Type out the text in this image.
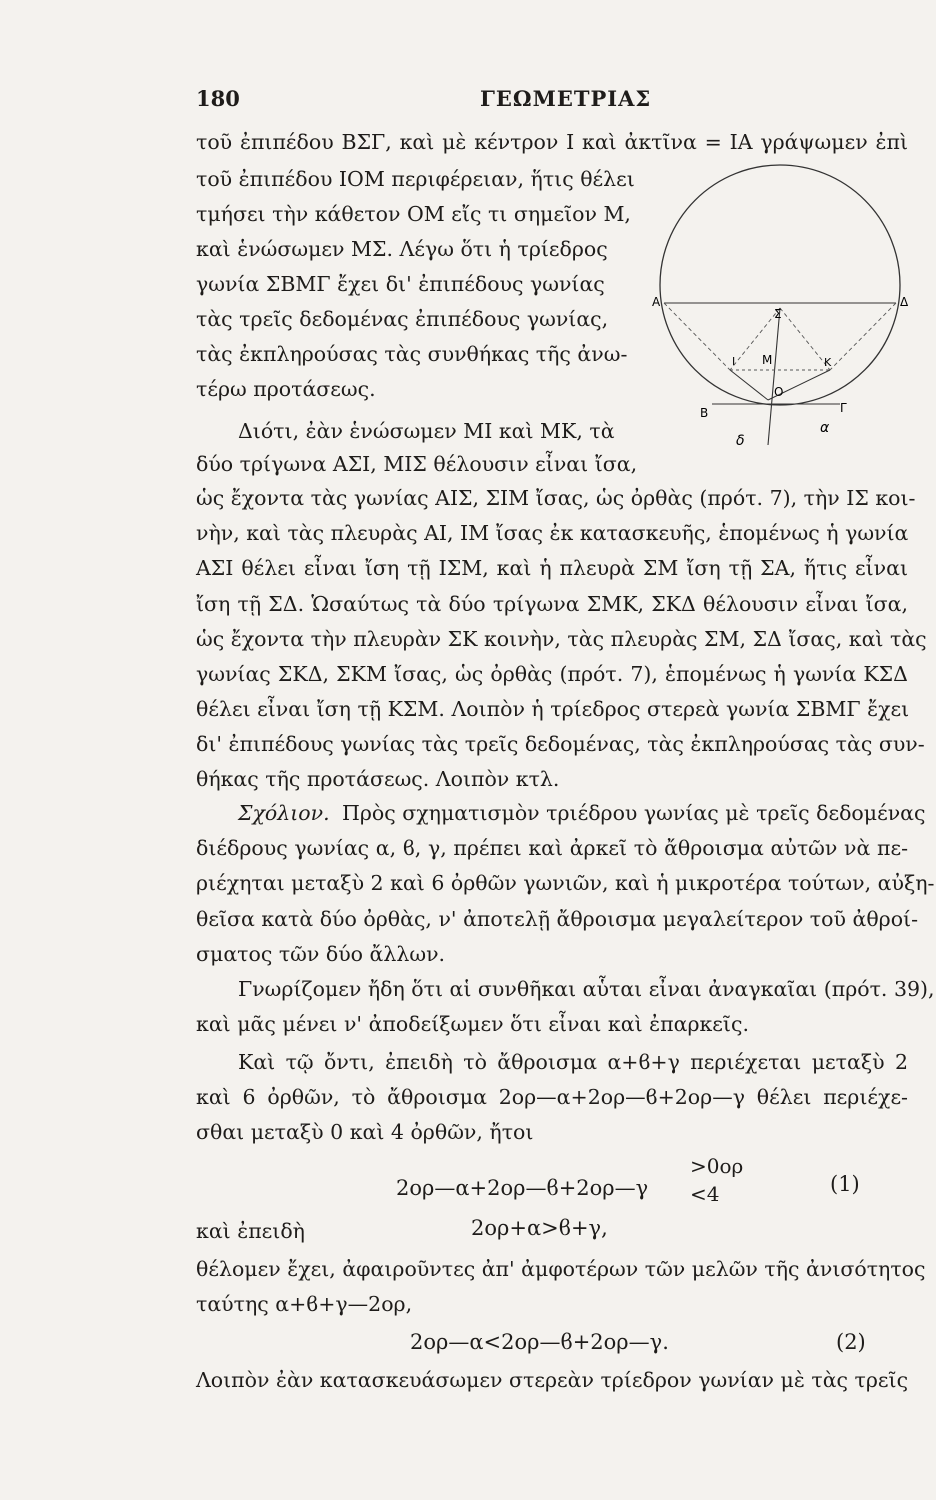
180	ΓΕΩΜΕΤΡΙΑΣ
τοῦ ἐπιπέδου ΒΣΓ, καὶ μὲ κέντρον Ι καὶ ἀκτῖνα = ΙΑ γράψωμεν ἐπὶ
τοῦ ἐπιπέδου ΙΟΜ περιφέρειαν, ἥτις θέλει
τμήσει τὴν κάθετον ΟΜ εἴς τι σημεῖον Μ,
καὶ ἑνώσωμεν ΜΣ. Λέγω ὅτι ἡ τρίεδρος
γωνία ΣΒΜΓ ἔχει δι' ἐπιπέδους γωνίας
τὰς τρεῖς δεδομένας ἐπιπέδους γωνίας,
τὰς ἐκπληρούσας τὰς συνθήκας τῆς ἀνω-
τέρω προτάσεως.
Διότι, ἐὰν ἑνώσωμεν ΜΙ καὶ ΜΚ, τὰ
δύο τρίγωνα ΑΣΙ, ΜΙΣ θέλουσιν εἶναι ἴσα,
ὡς ἔχοντα τὰς γωνίας ΑΙΣ, ΣΙΜ ἴσας, ὡς ὀρθὰς (πρότ. 7), τὴν ΙΣ κοι-
νὴν, καὶ τὰς πλευρὰς ΑΙ, ΙΜ ἴσας ἐκ κατασκευῆς, ἑπομένως ἡ γωνία
ΑΣΙ θέλει εἶναι ἴση τῇ ΙΣΜ, καὶ ἡ πλευρὰ ΣΜ ἴση τῇ ΣΑ, ἥτις εἶναι
ἴση τῇ ΣΔ. Ὡσαύτως τὰ δύο τρίγωνα ΣΜΚ, ΣΚΔ θέλουσιν εἶναι ἴσα,
ὡς ἔχοντα τὴν πλευρὰν ΣΚ κοινὴν, τὰς πλευρὰς ΣΜ, ΣΔ ἴσας, καὶ τὰς
γωνίας ΣΚΔ, ΣΚΜ ἴσας, ὡς ὀρθὰς (πρότ. 7), ἑπομένως ἡ γωνία ΚΣΔ
θέλει εἶναι ἴση τῇ ΚΣΜ. Λοιπὸν ἡ τρίεδρος στερεὰ γωνία ΣΒΜΓ ἔχει
δι' ἐπιπέδους γωνίας τὰς τρεῖς δεδομένας, τὰς ἐκπληρούσας τὰς συν-
θήκας τῆς προτάσεως. Λοιπὸν κτλ.
Σχόλιον. Πρὸς σχηματισμὸν τριέδρου γωνίας μὲ τρεῖς δεδομένας
διέδρους γωνίας α, ϐ, γ, πρέπει καὶ ἀρκεῖ τὸ ἄθροισμα αὐτῶν νὰ πε-
ριέχηται μεταξὺ 2 καὶ 6 ὀρθῶν γωνιῶν, καὶ ἡ μικροτέρα τούτων, αὐξη-
θεῖσα κατὰ δύο ὀρθὰς, ν' ἀποτελῇ ἄθροισμα μεγαλείτερον τοῦ ἀθροί-
σματος τῶν δύο ἄλλων.
Γνωρίζομεν ἤδη ὅτι αἱ συνθῆκαι αὗται εἶναι ἀναγκαῖαι (πρότ. 39),
καὶ μᾶς μένει ν' ἀποδείξωμεν ὅτι εἶναι καὶ ἐπαρκεῖς.
Καὶ τῷ ὄντι, ἐπειδὴ τὸ ἄθροισμα α+ϐ+γ περιέχεται μεταξὺ 2
καὶ 6 ὀρθῶν, τὸ ἄθροισμα 2ορ—α+2ορ—ϐ+2ορ—γ θέλει περιέχε-
σθαι μεταξὺ 0 καὶ 4 ὀρθῶν, ἤτοι
2ορ—α+2ορ—ϐ+2ορ—γ
>0ορ
<4	(1)
καὶ ἐπειδὴ	2ορ+α>ϐ+γ,
θέλομεν ἔχει, ἀφαιροῦντες ἀπ' ἀμφοτέρων τῶν μελῶν τῆς ἀνισότητος
ταύτης α+ϐ+γ—2ορ,
2ορ—α<2ορ—ϐ+2ορ—γ.	(2)
Λοιπὸν ἐὰν κατασκευάσωμεν στερεὰν τρίεδρον γωνίαν μὲ τὰς τρεῖς
Α	Δ
Σ
Ι Μ	Κ
Ο
Β	Γ
δ
α
